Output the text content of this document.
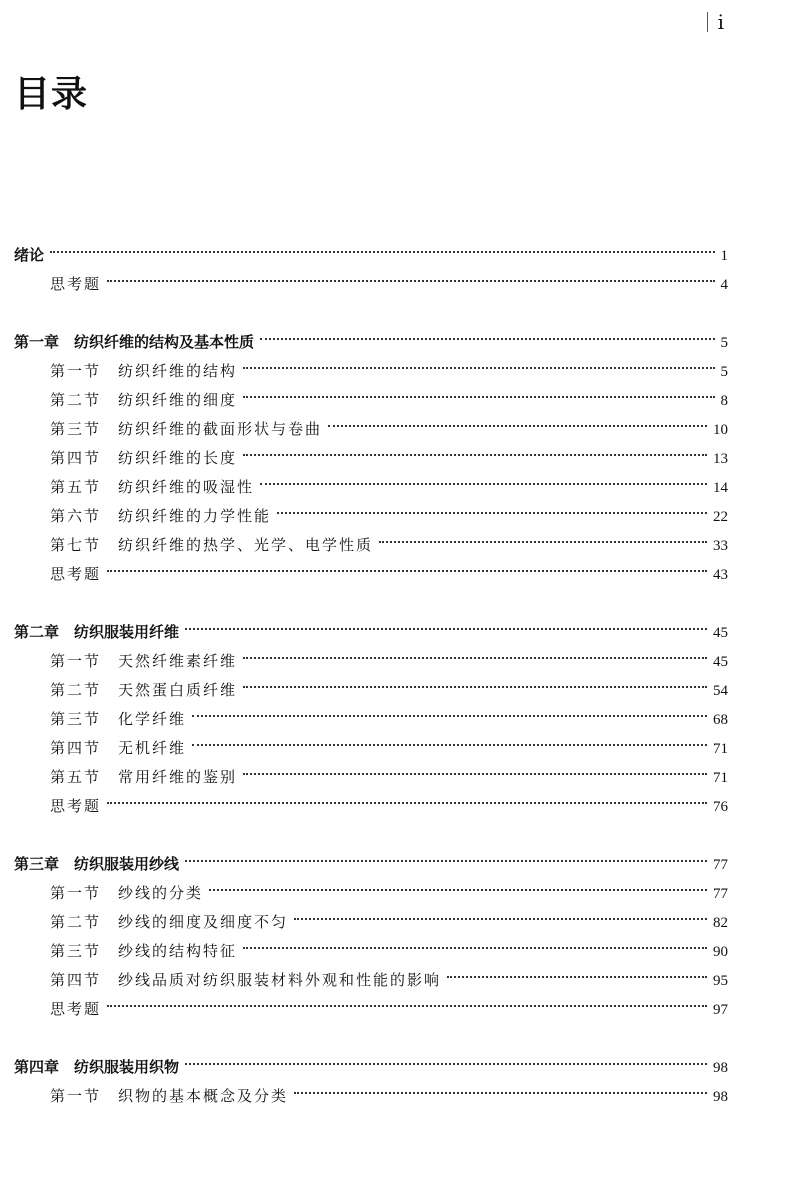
i
目录
绪论	1
思考题	4
第一章　纺织纤维的结构及基本性质	5
第一节　纺织纤维的结构	5
第二节　纺织纤维的细度	8
第三节　纺织纤维的截面形状与卷曲	10
第四节　纺织纤维的长度	13
第五节　纺织纤维的吸湿性	14
第六节　纺织纤维的力学性能	22
第七节　纺织纤维的热学、光学、电学性质	33
思考题	43
第二章　纺织服装用纤维	45
第一节　天然纤维素纤维	45
第二节　天然蛋白质纤维	54
第三节　化学纤维	68
第四节　无机纤维	71
第五节　常用纤维的鉴别	71
思考题	76
第三章　纺织服装用纱线	77
第一节　纱线的分类	77
第二节　纱线的细度及细度不匀	82
第三节　纱线的结构特征	90
第四节　纱线品质对纺织服装材料外观和性能的影响	95
思考题	97
第四章　纺织服装用织物	98
第一节　织物的基本概念及分类	98
